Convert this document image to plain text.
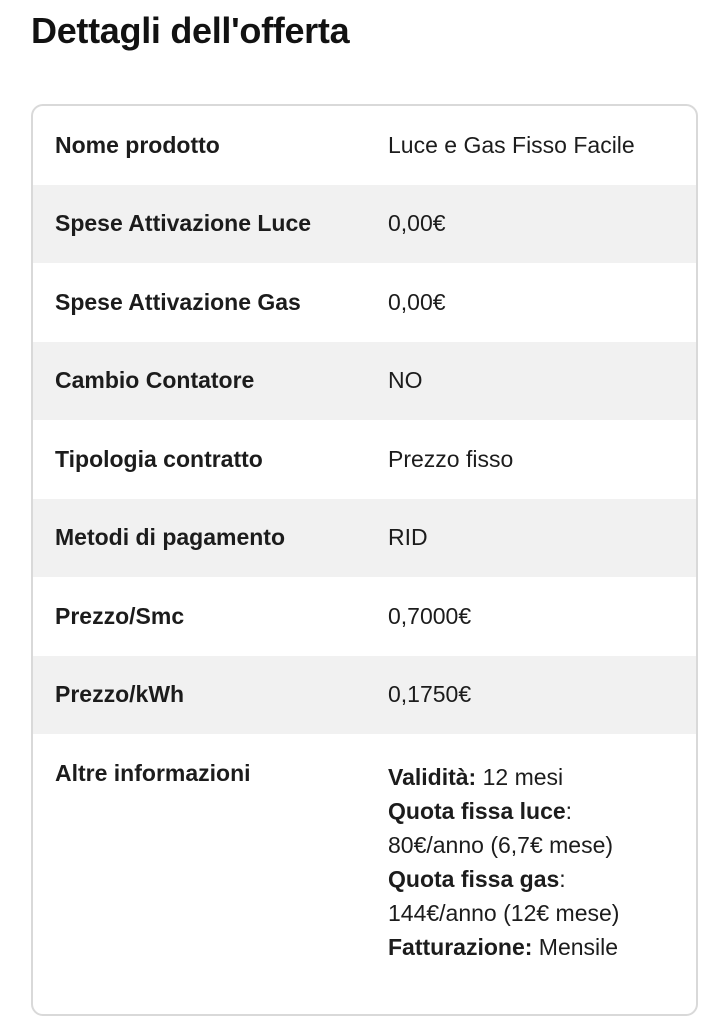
Dettagli dell'offerta
Nome prodotto	Luce e Gas Fisso Facile
Spese Attivazione Luce	0,00€
Spese Attivazione Gas	0,00€
Cambio Contatore	NO
Tipologia contratto	Prezzo fisso
Metodi di pagamento	RID
Prezzo/Smc	0,7000€
Prezzo/kWh	0,1750€
Altre informazioni	Validità: 12 mesi
Quota fissa luce: 80€/anno (6,7€ mese)
Quota fissa gas: 144€/anno (12€ mese)
Fatturazione: Mensile
